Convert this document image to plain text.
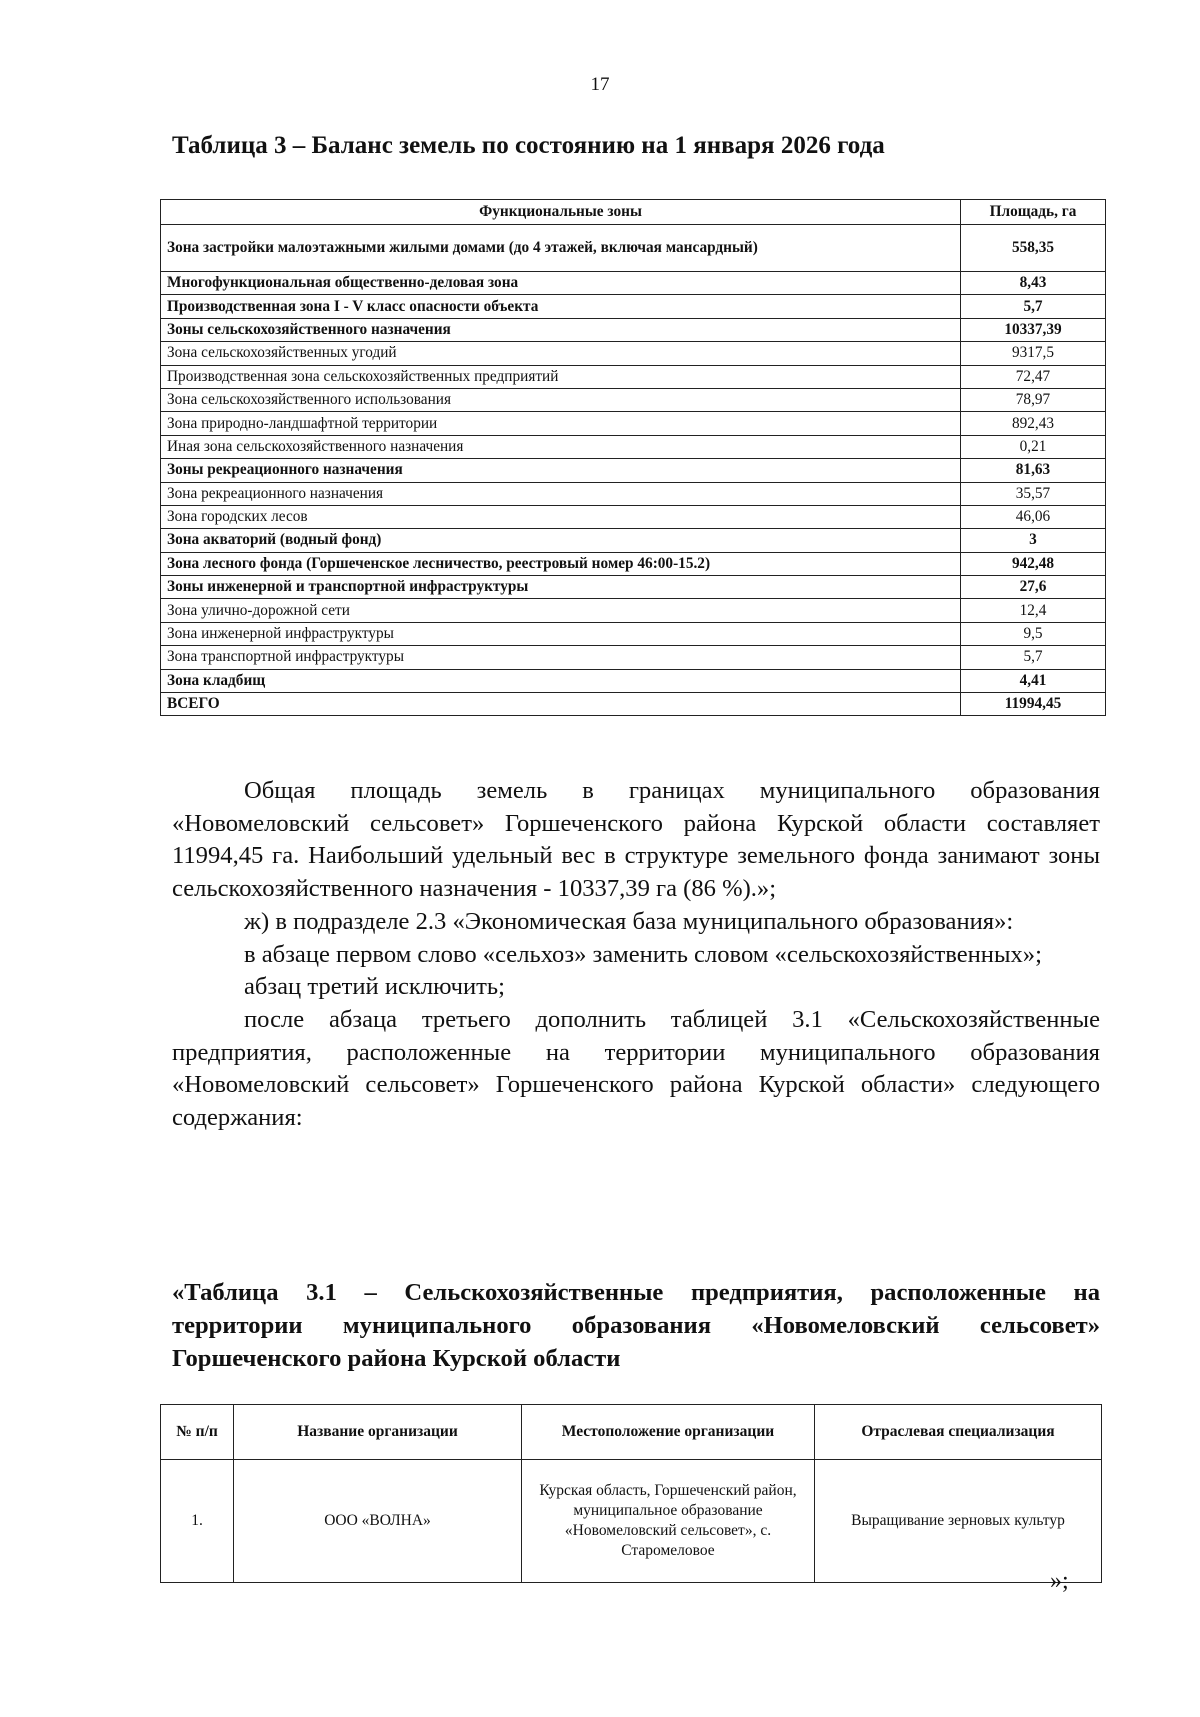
17
Таблица 3 – Баланс земель по состоянию на 1 января 2026 года
Функциональные зоны	Площадь, га
Зона застройки малоэтажными жилыми домами (до 4 этажей, включая мансардный)	558,35
Многофункциональная общественно-деловая зона	8,43
Производственная зона I - V класс опасности объекта	5,7
Зоны сельскохозяйственного назначения	10337,39
Зона сельскохозяйственных угодий	9317,5
Производственная зона сельскохозяйственных предприятий	72,47
Зона сельскохозяйственного использования	78,97
Зона природно-ландшафтной территории	892,43
Иная зона сельскохозяйственного назначения	0,21
Зоны рекреационного назначения	81,63
Зона рекреационного назначения	35,57
Зона городских лесов	46,06
Зона акваторий (водный фонд)	3
Зона лесного фонда (Горшеченское лесничество, реестровый номер 46:00-15.2)	942,48
Зоны инженерной и транспортной инфраструктуры	27,6
Зона улично-дорожной сети	12,4
Зона инженерной инфраструктуры	9,5
Зона транспортной инфраструктуры	5,7
Зона кладбищ	4,41
ВСЕГО	11994,45

Общая площадь земель в границах муниципального образования «Новомеловский сельсовет» Горшеченского района Курской области составляет 11994,45 га. Наибольший удельный вес в структуре земельного фонда занимают зоны сельскохозяйственного назначения - 10337,39 га (86 %).»;

ж) в подразделе 2.3 «Экономическая база муниципального образования»:

в абзаце первом слово «сельхоз» заменить словом «сельскохозяйственных»;

абзац третий исключить;

после абзаца третьего дополнить таблицей 3.1 «Сельскохозяйственные предприятия, расположенные на территории муниципального образования «Новомеловский сельсовет» Горшеченского района Курской области» следующего содержания:

«Таблица 3.1 – Сельскохозяйственные предприятия, расположенные на территории муниципального образования «Новомеловский сельсовет» Горшеченского района Курской области
№ п/п	Название организации	Местоположение организации	Отраслевая специализация
1.	ООО «ВОЛНА»	Курская область, Горшеченский район, муниципальное образование «Новомеловский сельсовет», с. Старомеловое	Выращивание зерновых культур
»;
